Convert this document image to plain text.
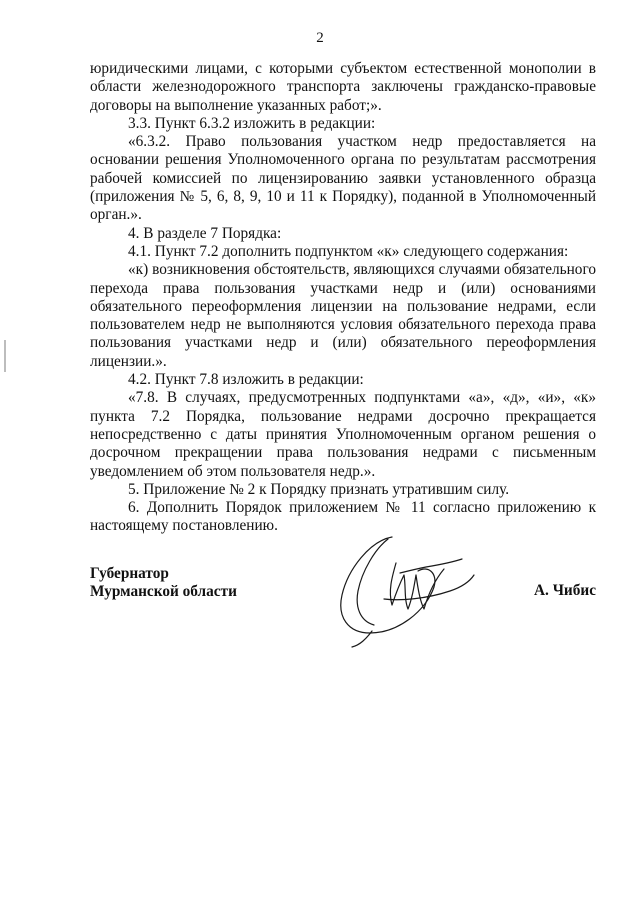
2

юридическими лицами, с которыми субъектом естественной монополии в области железнодорожного транспорта заключены гражданско-правовые договоры на выполнение указанных работ;».

3.3. Пункт 6.3.2 изложить в редакции:

«6.3.2. Право пользования участком недр предоставляется на основании решения Уполномоченного органа по результатам рассмотрения рабочей комиссией по лицензированию заявки установленного образца (приложения № 5, 6, 8, 9, 10 и 11 к Порядку), поданной в Уполномоченный орган.».

4. В разделе 7 Порядка:

4.1. Пункт 7.2 дополнить подпунктом «к» следующего содержания:

«к) возникновения обстоятельств, являющихся случаями обязательного перехода права пользования участками недр и (или) основаниями обязательного переоформления лицензии на пользование недрами, если пользователем недр не выполняются условия обязательного перехода права пользования участками недр и (или) обязательного переоформления лицензии.».

4.2. Пункт 7.8 изложить в редакции:

«7.8. В случаях, предусмотренных подпунктами «а», «д», «и», «к» пункта 7.2 Порядка, пользование недрами досрочно прекращается непосредственно с даты принятия Уполномоченным органом решения о досрочном прекращении права пользования недрами с письменным уведомлением об этом пользователя недр.».

5. Приложение № 2 к Порядку признать утратившим силу.

6. Дополнить Порядок приложением № 11 согласно приложению к настоящему постановлению.

Губернатор
Мурманской области	А. Чибис
